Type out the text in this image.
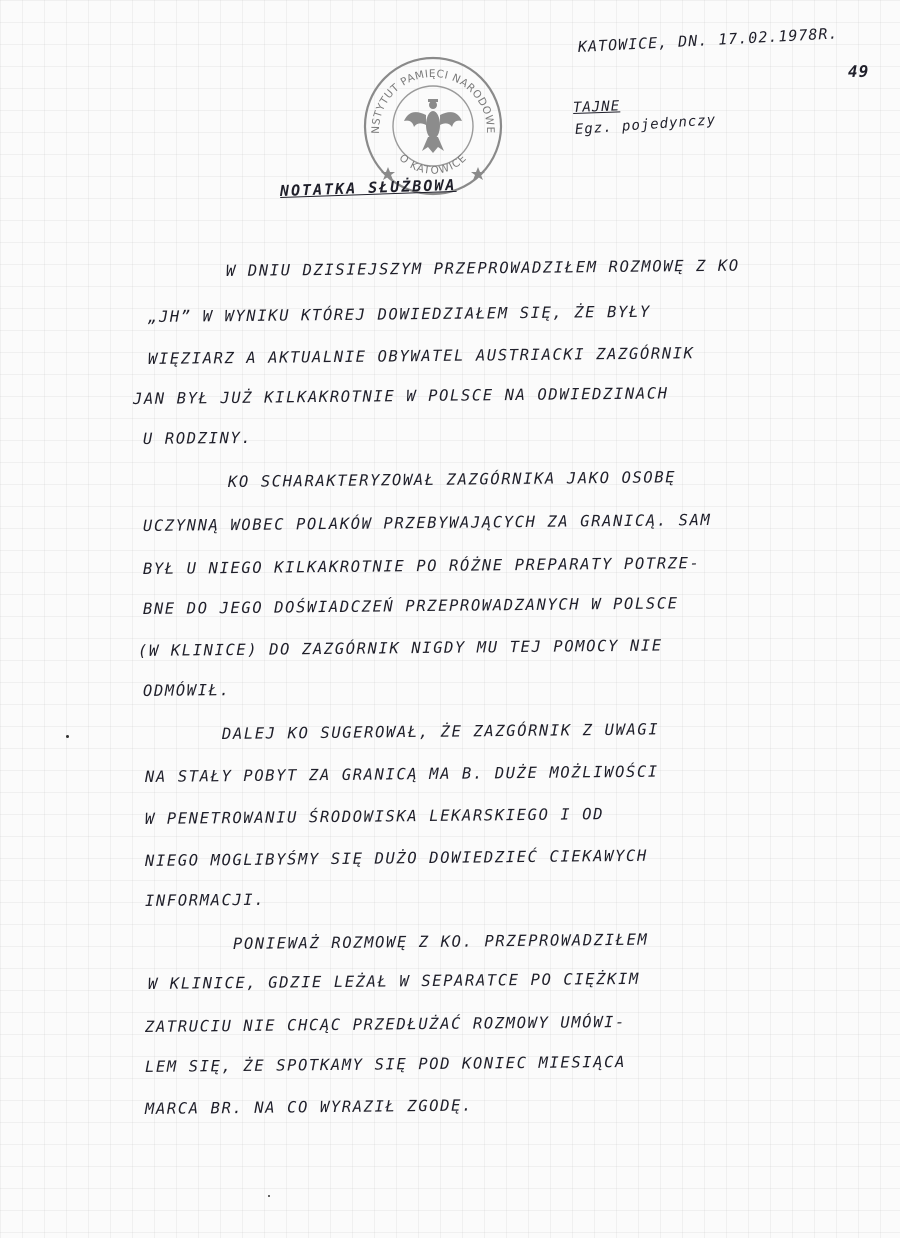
KATOWICE, DN. 17.02.1978R.
49
TAJNE
Egz. pojedynczy
NSTYTUT PAMIĘCI NARODOWE
O KATOWICE
NOTATKA SŁUŻBOWA
W DNIU DZISIEJSZYM PRZEPROWADZIŁEM ROZMOWĘ Z KO
„JH” W WYNIKU KTÓREJ DOWIEDZIAŁEM SIĘ, ŻE BYŁY
WIĘZIARZ A AKTUALNIE OBYWATEL AUSTRIACKI ZAZGÓRNIK
JAN BYŁ JUŻ KILKAKROTNIE W POLSCE NA ODWIEDZINACH
U RODZINY.
KO SCHARAKTERYZOWAŁ ZAZGÓRNIKA JAKO OSOBĘ
UCZYNNĄ WOBEC POLAKÓW PRZEBYWAJĄCYCH ZA GRANICĄ. SAM
BYŁ U NIEGO KILKAKROTNIE PO RÓŻNE PREPARATY POTRZE-
BNE DO JEGO DOŚWIADCZEŃ PRZEPROWADZANYCH W POLSCE
(W KLINICE) DO ZAZGÓRNIK NIGDY MU TEJ POMOCY NIE
ODMÓWIŁ.
DALEJ KO SUGEROWAŁ, ŻE ZAZGÓRNIK Z UWAGI
NA STAŁY POBYT ZA GRANICĄ MA B. DUŻE MOŻLIWOŚCI
W PENETROWANIU ŚRODOWISKA LEKARSKIEGO I OD
NIEGO MOGLIBYŚMY SIĘ DUŻO DOWIEDZIEĆ CIEKAWYCH
INFORMACJI.
PONIEWAŻ ROZMOWĘ Z KO. PRZEPROWADZIŁEM
W KLINICE, GDZIE LEŻAŁ W SEPARATCE PO CIĘŻKIM
ZATRUCIU NIE CHCĄC PRZEDŁUŻAĆ ROZMOWY UMÓWI-
LEM SIĘ, ŻE SPOTKAMY SIĘ POD KONIEC MIESIĄCA
MARCA BR. NA CO WYRAZIŁ ZGODĘ.
